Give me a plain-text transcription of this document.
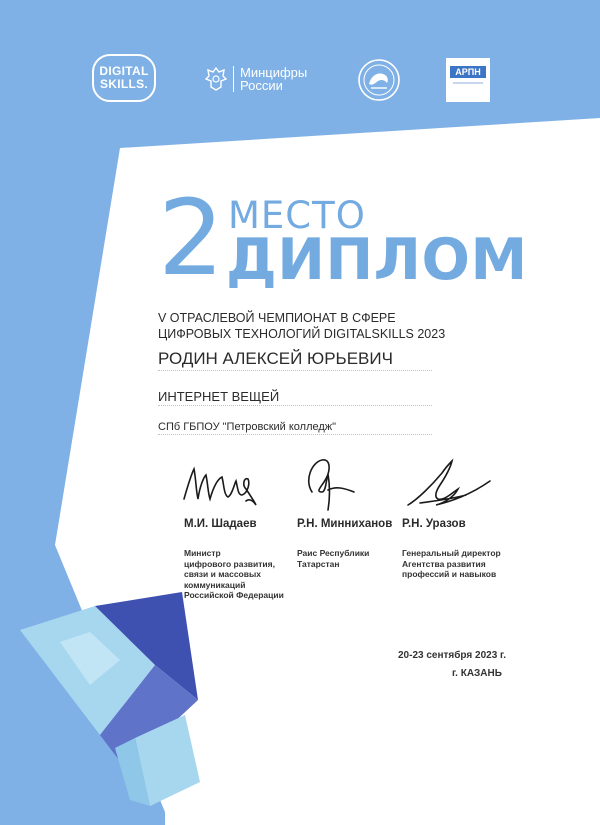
DIGITAL
SKILLS.
Минцифры
России
АРПН
2 МЕСТО
ДИПЛОМ
V ОТРАСЛЕВОЙ ЧЕМПИОНАТ В СФЕРЕ
ЦИФРОВЫХ ТЕХНОЛОГИЙ DIGITALSKILLS 2023
РОДИН АЛЕКСЕЙ ЮРЬЕВИЧ
ИНТЕРНЕТ ВЕЩЕЙ
СПб ГБПОУ "Петровский колледж"
М.И. Шадаев
Министр
цифрового развития,
связи и массовых
коммуникаций
Российской Федерации
Р.Н. Минниханов
Раис Республики
Татарстан
Р.Н. Уразов
Генеральный директор
Агентства развития
профессий и навыков
20-23 сентября 2023 г.
г. КАЗАНЬ
